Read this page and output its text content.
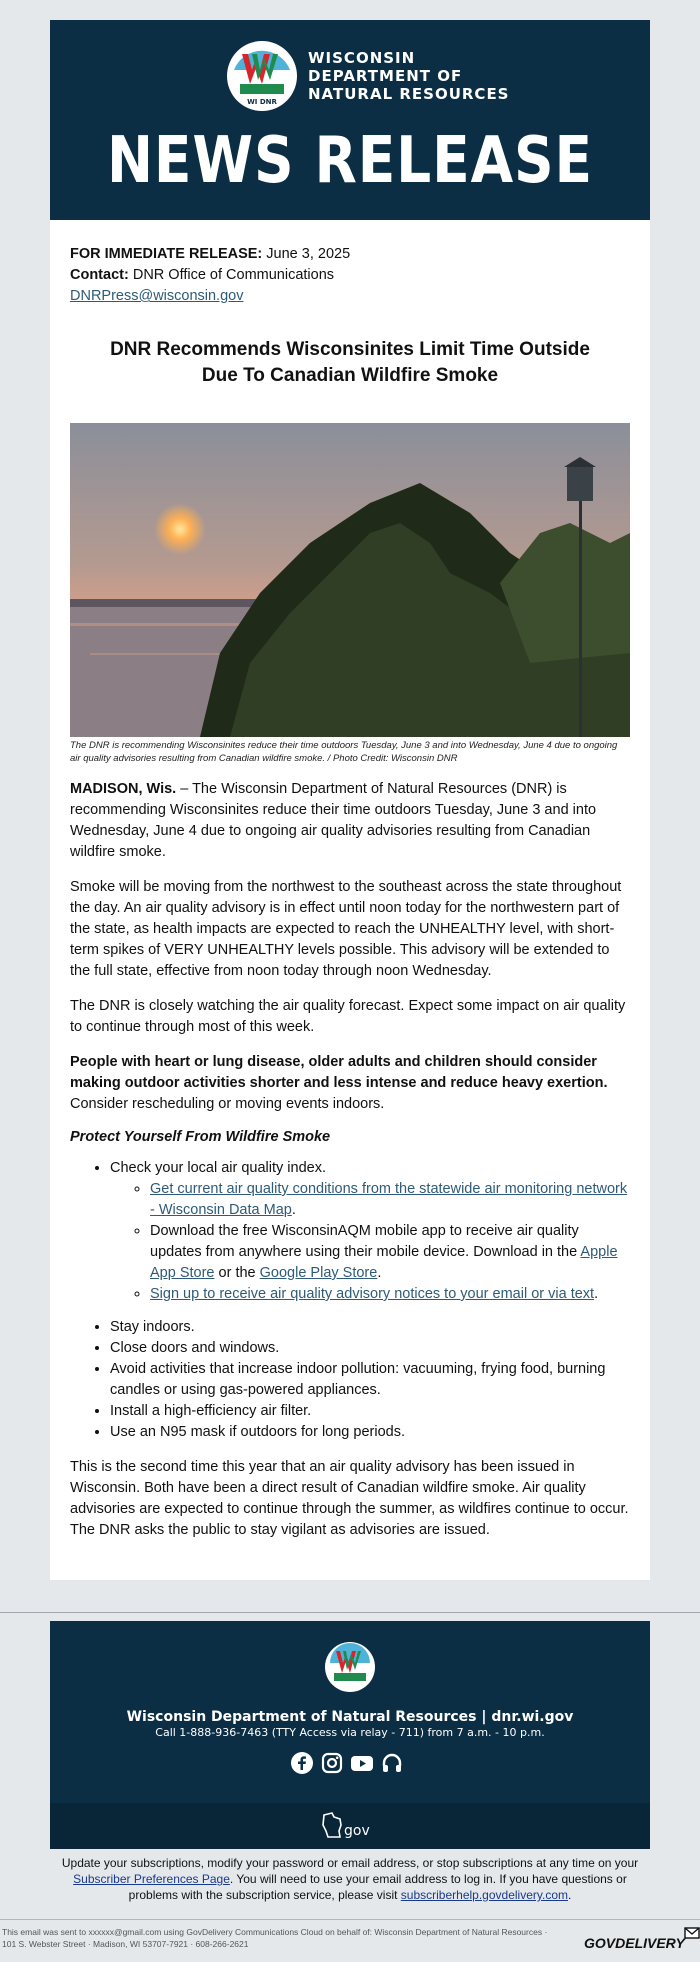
WI DNR
WISCONSIN
DEPARTMENT OF
NATURAL RESOURCES
NEWS RELEASE
FOR IMMEDIATE RELEASE: June 3, 2025
Contact: DNR Office of Communications
DNRPress@wisconsin.gov
DNR Recommends Wisconsinites Limit Time Outside Due To Canadian Wildfire Smoke
The DNR is recommending Wisconsinites reduce their time outdoors Tuesday, June 3 and into Wednesday, June 4 due to ongoing air quality advisories resulting from Canadian wildfire smoke. / Photo Credit: Wisconsin DNR

MADISON, Wis. – The Wisconsin Department of Natural Resources (DNR) is recommending Wisconsinites reduce their time outdoors Tuesday, June 3 and into Wednesday, June 4 due to ongoing air quality advisories resulting from Canadian wildfire smoke.

Smoke will be moving from the northwest to the southeast across the state throughout the day. An air quality advisory is in effect until noon today for the northwestern part of the state, as health impacts are expected to reach the UNHEALTHY level, with short-term spikes of VERY UNHEALTHY levels possible. This advisory will be extended to the full state, effective from noon today through noon Wednesday.

The DNR is closely watching the air quality forecast. Expect some impact on air quality to continue through most of this week.

People with heart or lung disease, older adults and children should consider making outdoor activities shorter and less intense and reduce heavy exertion. Consider rescheduling or moving events indoors.

Protect Yourself From Wildfire Smoke
• Check your local air quality index.
◦ Get current air quality conditions from the statewide air monitoring network - Wisconsin Data Map.
◦ Download the free WisconsinAQM mobile app to receive air quality updates from anywhere using their mobile device. Download in the Apple App Store or the Google Play Store.
◦ Sign up to receive air quality advisory notices to your email or via text.
• Stay indoors.
• Close doors and windows.
• Avoid activities that increase indoor pollution: vacuuming, frying food, burning candles or using gas-powered appliances.
• Install a high-efficiency air filter.
• Use an N95 mask if outdoors for long periods.

This is the second time this year that an air quality advisory has been issued in Wisconsin. Both have been a direct result of Canadian wildfire smoke. Air quality advisories are expected to continue through the summer, as wildfires continue to occur. The DNR asks the public to stay vigilant as advisories are issued.

Wisconsin Department of Natural Resources | dnr.wi.gov
Call 1-888-936-7463 (TTY Access via relay - 711) from 7 a.m. - 10 p.m.
gov
Update your subscriptions, modify your password or email address, or stop subscriptions at any time on your Subscriber Preferences Page. You will need to use your email address to log in. If you have questions or problems with the subscription service, please visit subscriberhelp.govdelivery.com.
This email was sent to xxxxxx@gmail.com using GovDelivery Communications Cloud on behalf of: Wisconsin Department of Natural Resources · 101 S. Webster Street · Madison, WI 53707-7921 · 608-266-2621	GOVDELIVERY
